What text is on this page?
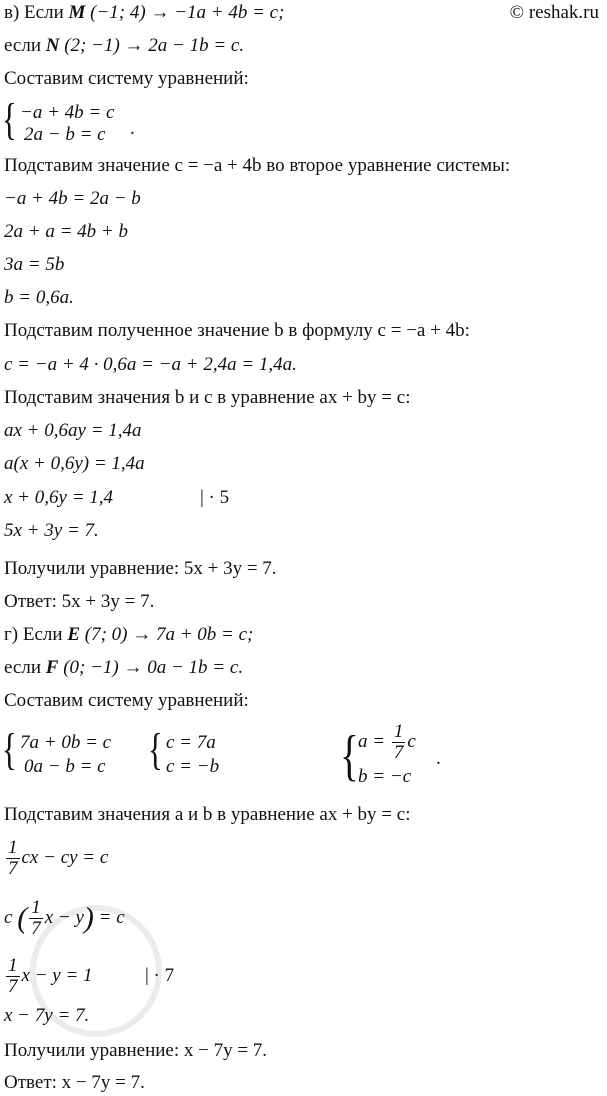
© reshak.ru
в) Если M (−1; 4) → −1a + 4b = c;
если N (2; −1) → 2a − 1b = c.
Составим систему уравнений:
{ −a + 4b = c
2a − b = c .
Подставим значение c = −a + 4b во второе уравнение системы:
−a + 4b = 2a − b
2a + a = 4b + b
3a = 5b
b = 0,6a.
Подставим полученное значение b в формулу c = −a + 4b:
c = −a + 4 · 0,6a = −a + 2,4a = 1,4a.
Подставим значения b и c в уравнение ax + by = c:
ax + 0,6ay = 1,4a
a(x + 0,6y) = 1,4a
x + 0,6y = 1,4	| · 5
5x + 3y = 7.
Получили уравнение: 5x + 3y = 7.
Ответ: 5x + 3y = 7.
г) Если E (7; 0) → 7a + 0b = c;
если F (0; −1) → 0a − 1b = c.
Составим систему уравнений:
{ 7a + 0b = c
0a − b = c { c = 7a
c = −b { $a = \frac{1}{7}$ c
b = −c
.
Подставим значения a и b в уравнение ax + by = c:
$\frac{1}{7}$ cx − cy = c
c ( $\frac{1}{7}$ x − y) = c
$\frac{1}{7}$ x − y = 1	| · 7
x − 7y = 7.
Получили уравнение: x − 7y = 7.
Ответ: x − 7y = 7.
